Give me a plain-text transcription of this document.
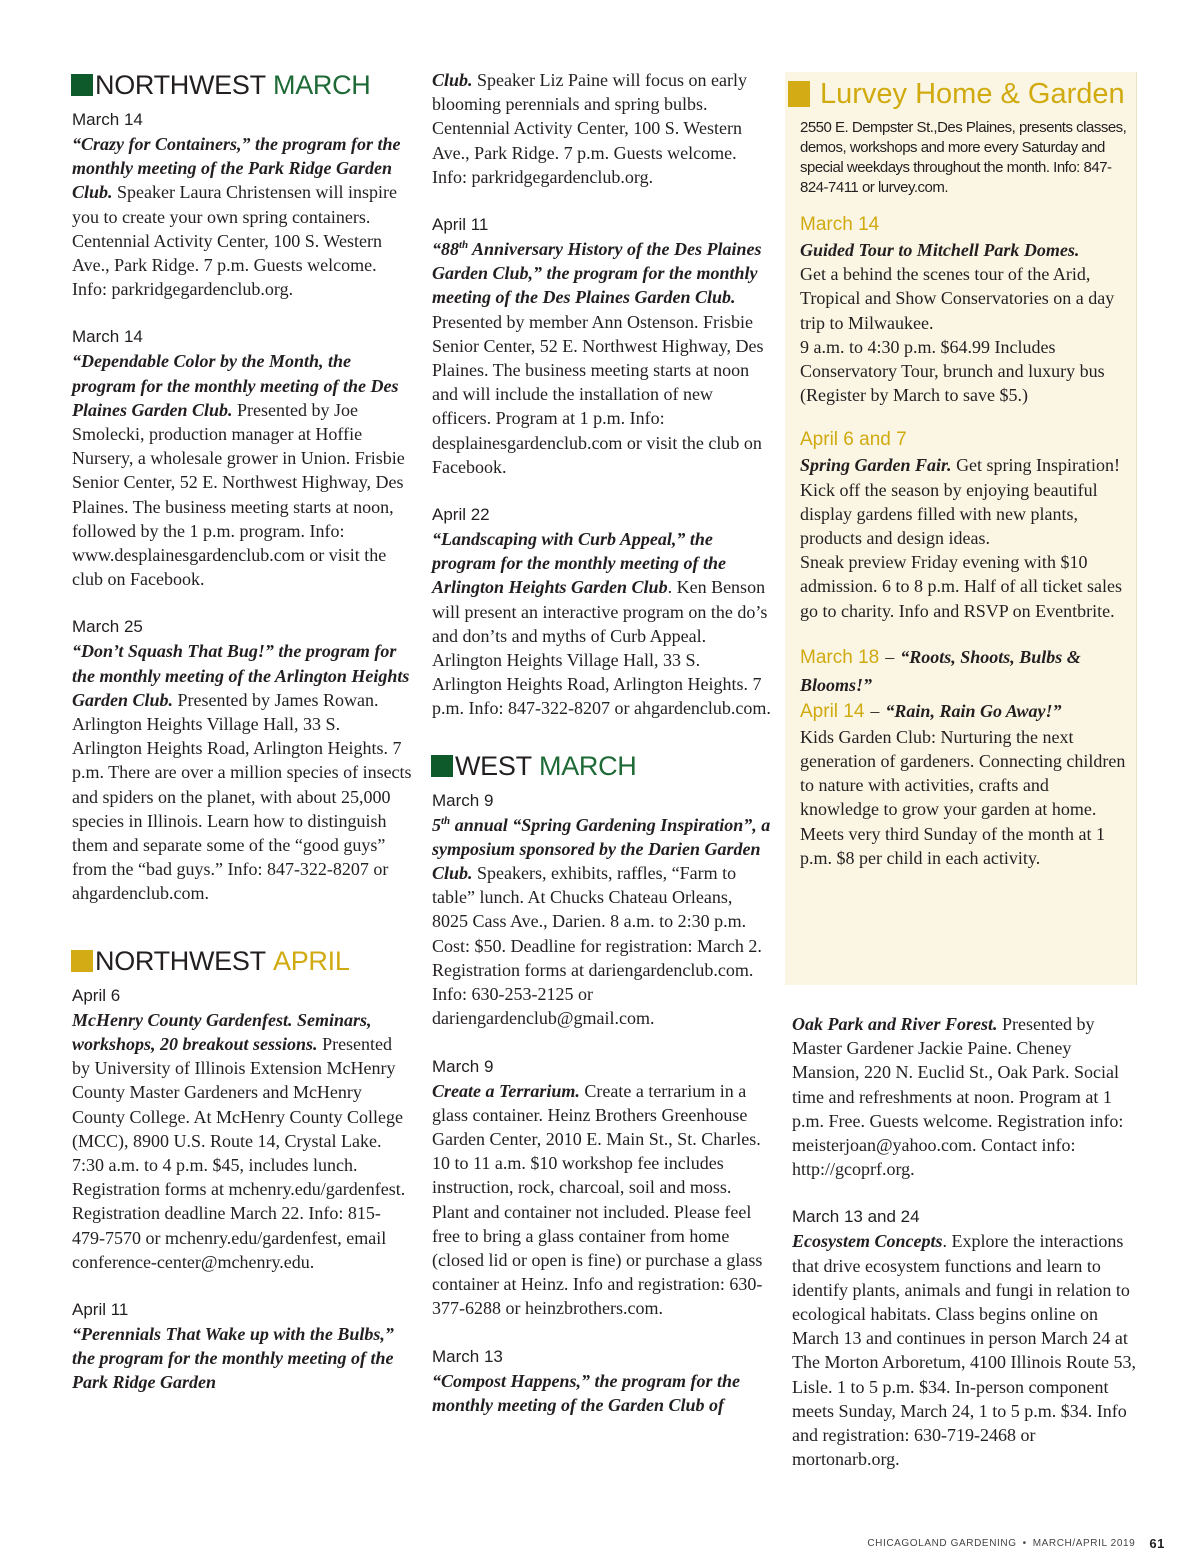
NORTHWEST
MARCH
March 14
“Crazy for Containers,” the program for the monthly meeting of the Park Ridge Garden Club. Speaker Laura Christensen will inspire you to create your own spring containers. Centennial Activity Center, 100 S. Western Ave., Park Ridge. 7 p.m. Guests welcome. Info: parkridgegardenclub.org.
March 14
“Dependable Color by the Month, the program for the monthly meeting of the Des Plaines Garden Club. Presented by Joe Smolecki, production manager at Hoffie Nursery, a wholesale grower in Union. Frisbie Senior Center, 52 E. Northwest Highway, Des Plaines. The business meeting starts at noon, followed by the 1 p.m. program. Info: www.desplainesgardenclub.com or visit the club on Facebook.
March 25
“Don’t Squash That Bug!” the program for the monthly meeting of the Arlington Heights Garden Club. Presented by James Rowan. Arlington Heights Village Hall, 33 S. Arlington Heights Road, Arlington Heights. 7 p.m. There are over a million species of insects and spiders on the planet, with about 25,000 species in Illinois. Learn how to distinguish them and separate some of the “good guys” from the “bad guys.” Info: 847-322-8207 or ahgardenclub.com.
NORTHWEST
APRIL
April 6
McHenry County Gardenfest. Seminars, workshops, 20 breakout sessions. Presented by University of Illinois Extension McHenry County Master Gardeners and McHenry County College. At McHenry County College (MCC), 8900 U.S. Route 14, Crystal Lake. 7:30 a.m. to 4 p.m. $45, includes lunch. Registration forms at mchenry.edu/gardenfest. Registration deadline March 22. Info: 815-479-7570 or mchenry.edu/gardenfest, email conference-center@mchenry.edu.
April 11
“Perennials That Wake up with the Bulbs,” the program for the monthly meeting of the Park Ridge Garden
Club. Speaker Liz Paine will focus on early blooming perennials and spring bulbs. Centennial Activity Center, 100 S. Western Ave., Park Ridge. 7 p.m. Guests welcome. Info: parkridgegardenclub.org.
April 11
“88th Anniversary History of the Des Plaines Garden Club,” the program for the monthly meeting of the Des Plaines Garden Club. Presented by member Ann Ostenson. Frisbie Senior Center, 52 E. Northwest Highway, Des Plaines. The business meeting starts at noon and will include the installation of new officers. Program at 1 p.m. Info: desplainesgardenclub.com or visit the club on Facebook.
April 22
“Landscaping with Curb Appeal,” the program for the monthly meeting of the Arlington Heights Garden Club. Ken Benson will present an interactive program on the do’s and don’ts and myths of Curb Appeal. Arlington Heights Village Hall, 33 S. Arlington Heights Road, Arlington Heights. 7 p.m. Info: 847-322-8207 or ahgardenclub.com.
WEST
MARCH
March 9
5th annual “Spring Gardening Inspiration”, a symposium sponsored by the Darien Garden Club. Speakers, exhibits, raffles, “Farm to table” lunch. At Chucks Chateau Orleans, 8025 Cass Ave., Darien. 8 a.m. to 2:30 p.m. Cost: $50. Deadline for registration: March 2. Registration forms at dariengardenclub.com. Info: 630-253-2125 or dariengardenclub@gmail.com.
March 9
Create a Terrarium. Create a terrarium in a glass container. Heinz Brothers Greenhouse Garden Center, 2010 E. Main St., St. Charles. 10 to 11 a.m. $10 workshop fee includes instruction, rock, charcoal, soil and moss. Plant and container not included. Please feel free to bring a glass container from home (closed lid or open is fine) or purchase a glass container at Heinz. Info and registration: 630-377-6288 or heinzbrothers.com.
March 13
“Compost Happens,” the program for the monthly meeting of the Garden Club of
Lurvey Home & Garden
2550 E. Dempster St.,Des Plaines, presents classes, demos, workshops and more every Saturday and special weekdays throughout the month. Info: 847- 824-7411 or lurvey.com.
March 14
Guided Tour to Mitchell Park Domes.
Get a behind the scenes tour of the Arid, Tropical and Show Conservatories on a day trip to Milwaukee.
9 a.m. to 4:30 p.m. $64.99 Includes Conservatory Tour, brunch and luxury bus (Register by March to save $5.)
April 6 and 7
Spring Garden Fair. Get spring Inspiration! Kick off the season by enjoying beautiful display gardens filled with new plants, products and design ideas.
Sneak preview Friday evening with $10 admission. 6 to 8 p.m. Half of all ticket sales go to charity. Info and RSVP on Eventbrite.
March 18 – “Roots, Shoots, Bulbs & Blooms!”
April 14 – “Rain, Rain Go Away!”
Kids Garden Club: Nurturing the next generation of gardeners. Connecting children to nature with activities, crafts and knowledge to grow your garden at home. Meets very third Sunday of the month at 1 p.m. $8 per child in each activity.
Oak Park and River Forest. Presented by Master Gardener Jackie Paine. Cheney Mansion, 220 N. Euclid St., Oak Park. Social time and refreshments at noon. Program at 1 p.m. Free. Guests welcome. Registration info: meisterjoan@yahoo.com. Contact info: http://gcoprf.org.
March 13 and 24
Ecosystem Concepts. Explore the interactions that drive ecosystem functions and learn to identify plants, animals and fungi in relation to ecological habitats. Class begins online on March 13 and continues in person March 24 at The Morton Arboretum, 4100 Illinois Route 53, Lisle. 1 to 5 p.m. $34. In-person component meets Sunday, March 24, 1 to 5 p.m. $34. Info and registration: 630-719-2468 or mortonarb.org.
CHICAGOLAND GARDENING • MARCH/APRIL 2019 61
